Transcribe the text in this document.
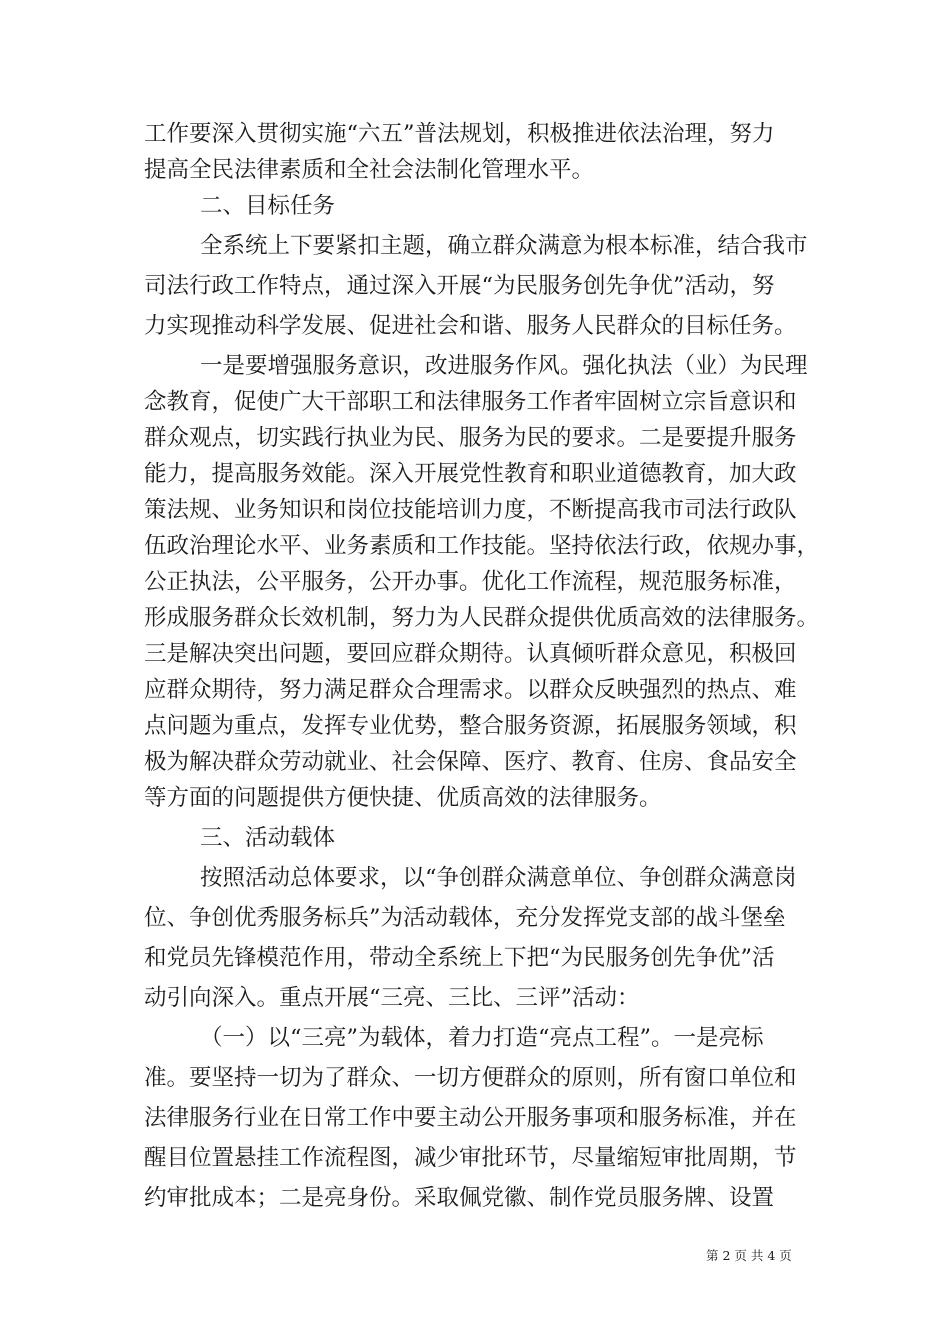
工作要深入贯彻实施“六五”普法规划，积极推进依法治理，努力
提高全民法律素质和全社会法制化管理水平。
二、目标任务
全系统上下要紧扣主题，确立群众满意为根本标准，结合我市
司法行政工作特点，通过深入开展“为民服务创先争优”活动，努
力实现推动科学发展、促进社会和谐、服务人民群众的目标任务。
一是要增强服务意识，改进服务作风。强化执法（业）为民理
念教育，促使广大干部职工和法律服务工作者牢固树立宗旨意识和
群众观点，切实践行执业为民、服务为民的要求。二是要提升服务
能力，提高服务效能。深入开展党性教育和职业道德教育，加大政
策法规、业务知识和岗位技能培训力度，不断提高我市司法行政队
伍政治理论水平、业务素质和工作技能。坚持依法行政，依规办事，
公正执法，公平服务，公开办事。优化工作流程，规范服务标准，
形成服务群众长效机制，努力为人民群众提供优质高效的法律服务。
三是解决突出问题，要回应群众期待。认真倾听群众意见，积极回
应群众期待，努力满足群众合理需求。以群众反映强烈的热点、难
点问题为重点，发挥专业优势，整合服务资源，拓展服务领域，积
极为解决群众劳动就业、社会保障、医疗、教育、住房、食品安全
等方面的问题提供方便快捷、优质高效的法律服务。
三、活动载体
按照活动总体要求，以“争创群众满意单位、争创群众满意岗
位、争创优秀服务标兵”为活动载体，充分发挥党支部的战斗堡垒
和党员先锋模范作用，带动全系统上下把“为民服务创先争优”活
动引向深入。重点开展“三亮、三比、三评”活动：
（一）以“三亮”为载体，着力打造“亮点工程”。一是亮标
准。要坚持一切为了群众、一切方便群众的原则，所有窗口单位和
法律服务行业在日常工作中要主动公开服务事项和服务标准，并在
醒目位置悬挂工作流程图，减少审批环节，尽量缩短审批周期，节
约审批成本；二是亮身份。采取佩党徽、制作党员服务牌、设置
第 2 页 共 4 页
